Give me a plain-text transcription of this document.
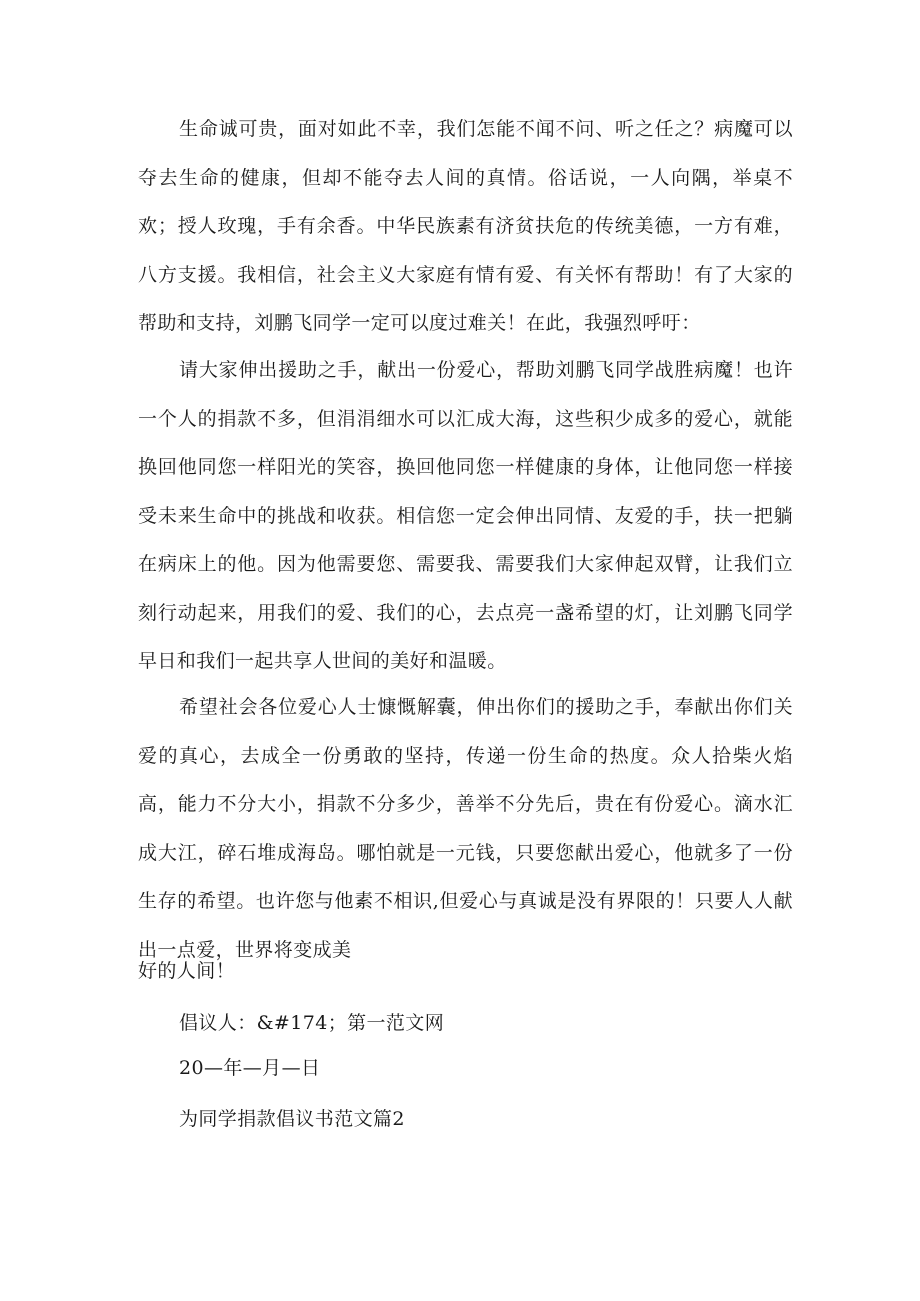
生命诚可贵，面对如此不幸，我们怎能不闻不问、听之任之？病魔可以夺去生命的健康，但却不能夺去人间的真情。俗话说，一人向隅，举桌不欢；授人玫瑰，手有余香。中华民族素有济贫扶危的传统美德，一方有难，八方支援。我相信，社会主义大家庭有情有爱、有关怀有帮助！有了大家的帮助和支持，刘鹏飞同学一定可以度过难关！在此，我强烈呼吁：

请大家伸出援助之手，献出一份爱心，帮助刘鹏飞同学战胜病魔！也许一个人的捐款不多，但涓涓细水可以汇成大海，这些积少成多的爱心，就能换回他同您一样阳光的笑容，换回他同您一样健康的身体，让他同您一样接受未来生命中的挑战和收获。相信您一定会伸出同情、友爱的手，扶一把躺在病床上的他。因为他需要您、需要我、需要我们大家伸起双臂，让我们立刻行动起来，用我们的爱、我们的心，去点亮一盏希望的灯，让刘鹏飞同学早日和我们一起共享人世间的美好和温暖。

希望社会各位爱心人士慷慨解囊，伸出你们的援助之手，奉献出你们关爱的真心，去成全一份勇敢的坚持，传递一份生命的热度。众人拾柴火焰高，能力不分大小，捐款不分多少，善举不分先后，贵在有份爱心。滴水汇成大江，碎石堆成海岛。哪怕就是一元钱，只要您献出爱心，他就多了一份生存的希望。也许您与他素不相识,但爱心与真诚是没有界限的！只要人人献出一点爱，世界将变成美

好的人间！

倡议人：&#174；第一范文网

20—年—月—日

为同学捐款倡议书范文篇2
